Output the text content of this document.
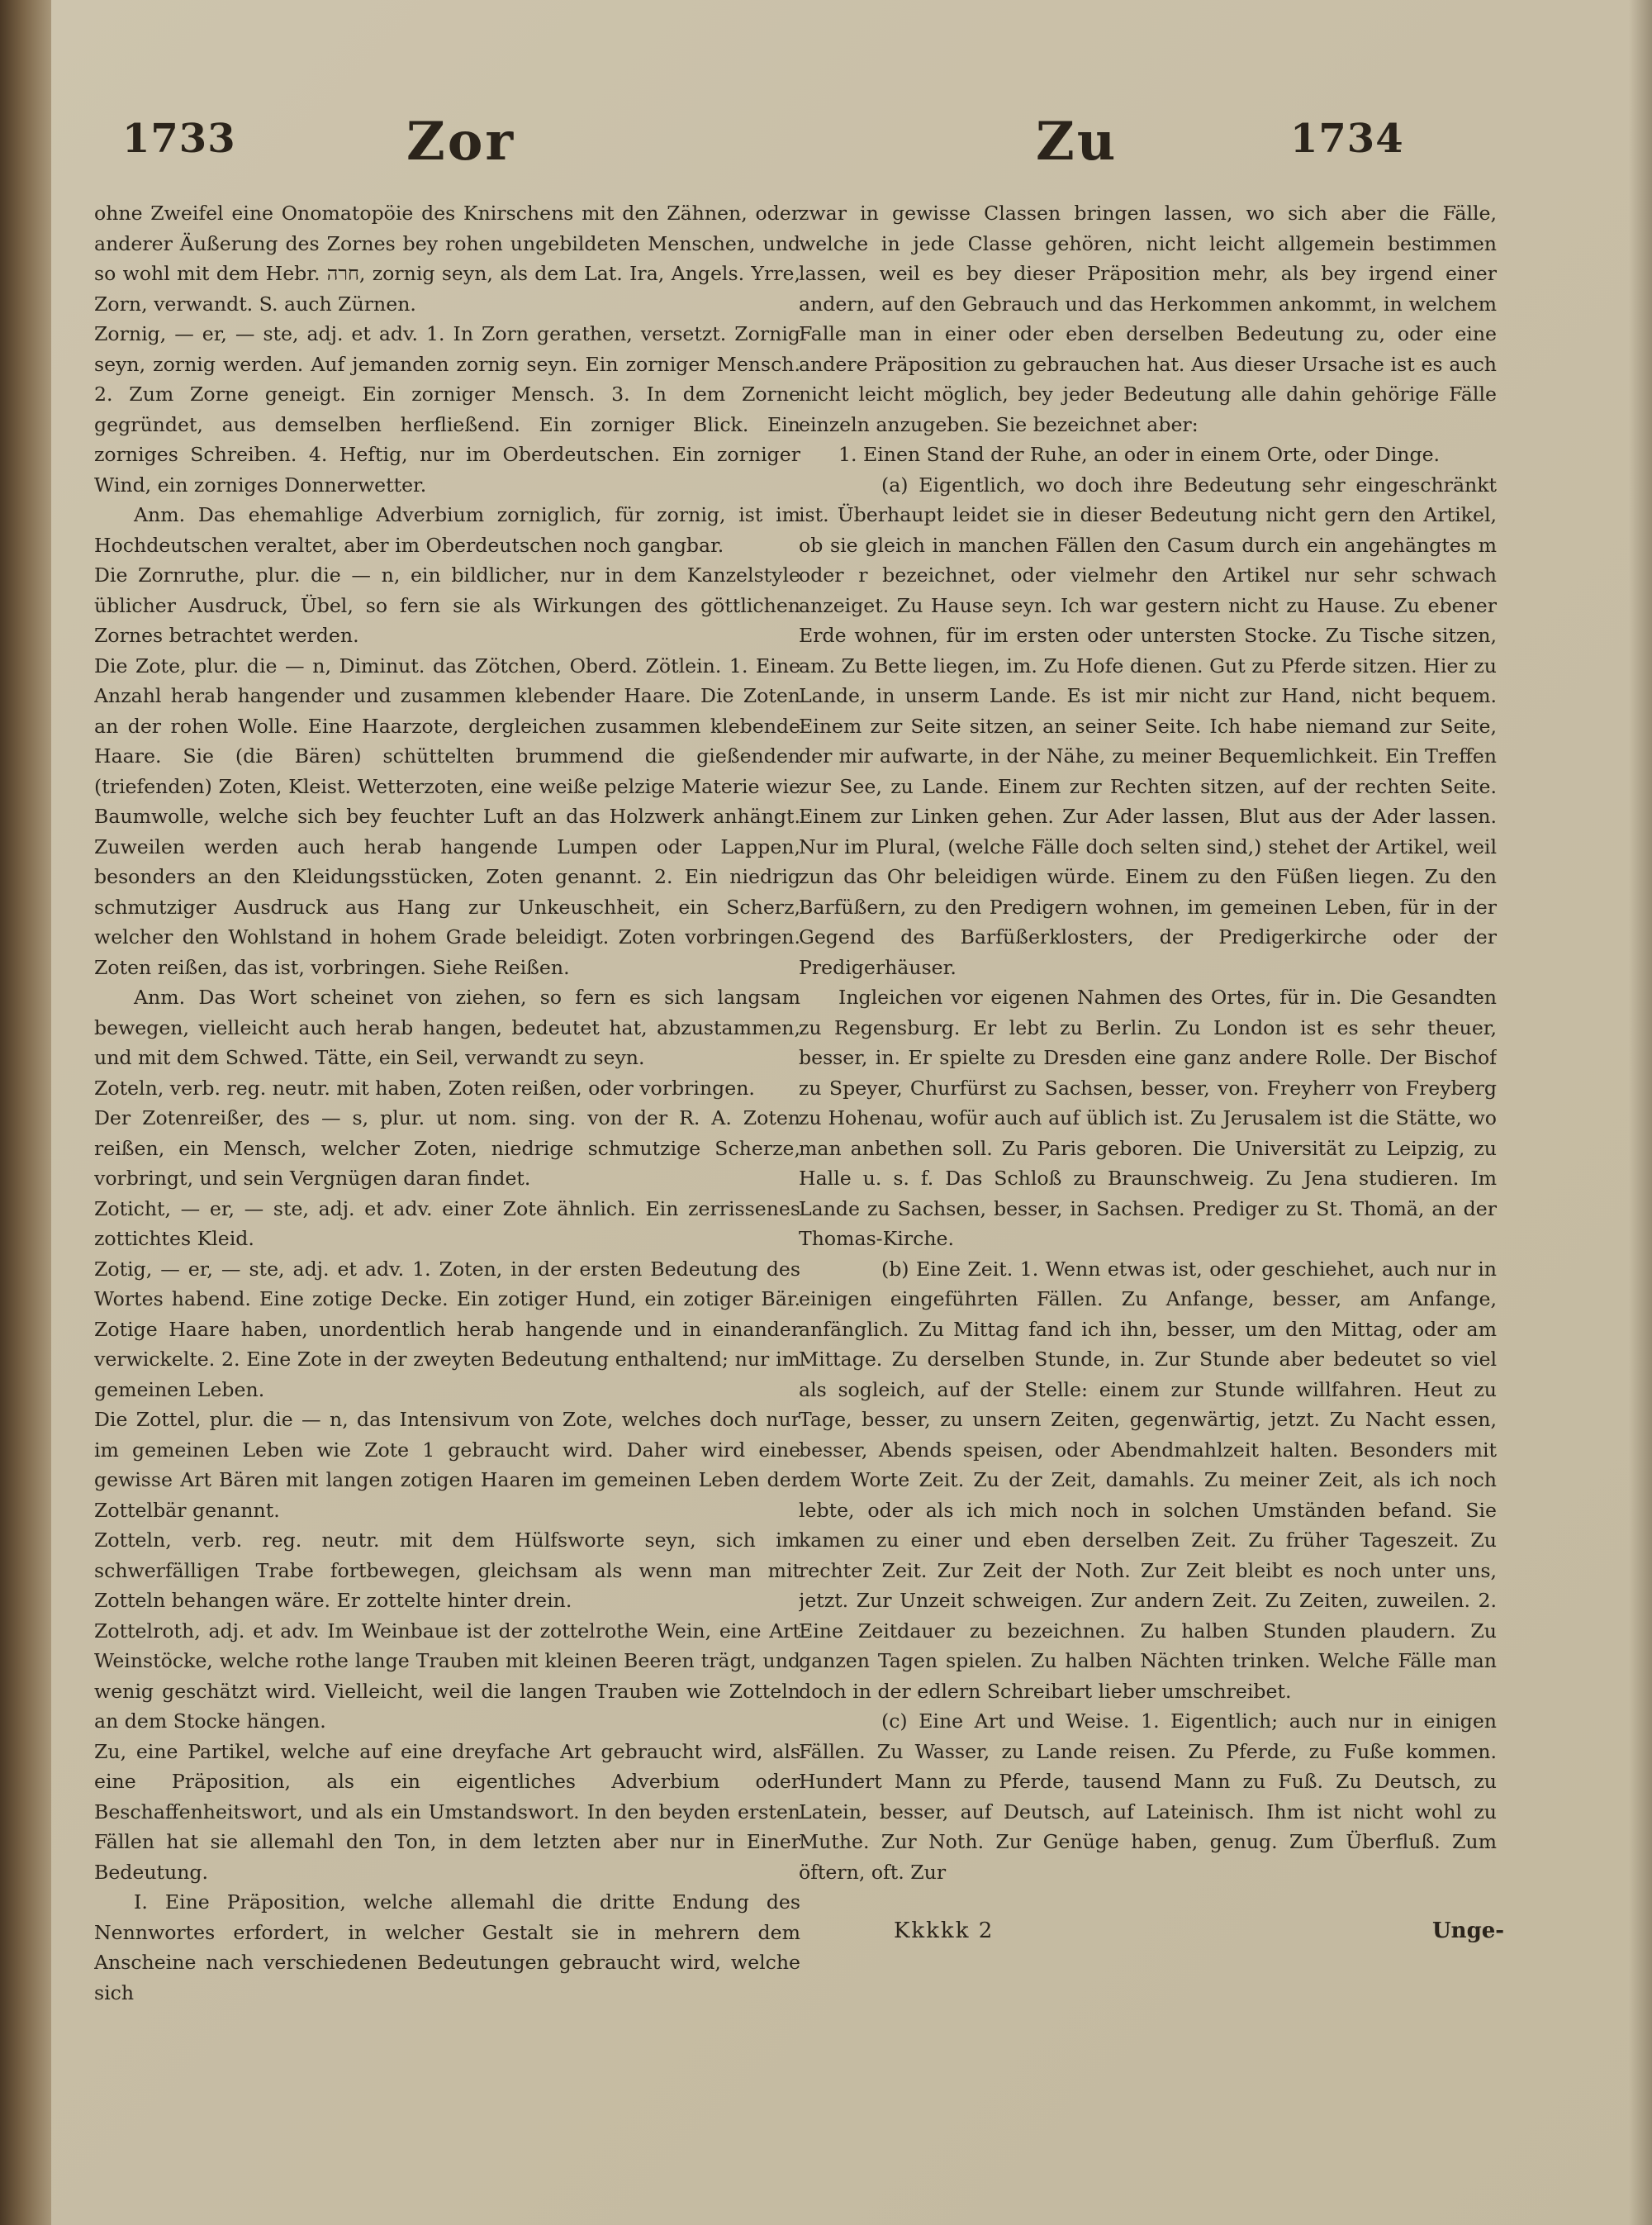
1733	Zor	Zu	1734

ohne Zweifel eine Onomatopöie des Knirschens mit den Zähnen, oder anderer Äußerung des Zornes bey rohen ungebildeten Menschen, und so wohl mit dem Hebr. חרה, zornig seyn, als dem Lat. Ira, Angels. Yrre, Zorn, verwandt. S. auch Zürnen.

Zornig, — er, — ste, adj. et adv. 1. In Zorn gerathen, versetzt. Zornig seyn, zornig werden. Auf jemanden zornig seyn. Ein zorniger Mensch. 2. Zum Zorne geneigt. Ein zorniger Mensch. 3. In dem Zorne gegründet, aus demselben herfließend. Ein zorniger Blick. Ein zorniges Schreiben. 4. Heftig, nur im Oberdeutschen. Ein zorniger Wind, ein zorniges Donnerwetter.

Anm. Das ehemahlige Adverbium zorniglich, für zornig, ist im Hochdeutschen veraltet, aber im Oberdeutschen noch gangbar.

Die Zornruthe, plur. die — n, ein bildlicher, nur in dem Kanzelstyle üblicher Ausdruck, Übel, so fern sie als Wirkungen des göttlichen Zornes betrachtet werden.

Die Zote, plur. die — n, Diminut. das Zötchen, Oberd. Zötlein. 1. Eine Anzahl herab hangender und zusammen klebender Haare. Die Zoten an der rohen Wolle. Eine Haarzote, dergleichen zusammen klebende Haare. Sie (die Bären) schüttelten brummend die gießenden (triefenden) Zoten, Kleist. Wetterzoten, eine weiße pelzige Materie wie Baumwolle, welche sich bey feuchter Luft an das Holzwerk anhängt. Zuweilen werden auch herab hangende Lumpen oder Lappen, besonders an den Kleidungsstücken, Zoten genannt. 2. Ein niedrig schmutziger Ausdruck aus Hang zur Unkeuschheit, ein Scherz, welcher den Wohlstand in hohem Grade beleidigt. Zoten vorbringen. Zoten reißen, das ist, vorbringen. Siehe Reißen.

Anm. Das Wort scheinet von ziehen, so fern es sich langsam bewegen, vielleicht auch herab hangen, bedeutet hat, abzustammen, und mit dem Schwed. Tätte, ein Seil, verwandt zu seyn.

Zoteln, verb. reg. neutr. mit haben, Zoten reißen, oder vorbringen.

Der Zotenreißer, des — s, plur. ut nom. sing. von der R. A. Zoten reißen, ein Mensch, welcher Zoten, niedrige schmutzige Scherze, vorbringt, und sein Vergnügen daran findet.

Zoticht, — er, — ste, adj. et adv. einer Zote ähnlich. Ein zerrissenes zottichtes Kleid.

Zotig, — er, — ste, adj. et adv. 1. Zoten, in der ersten Bedeutung des Wortes habend. Eine zotige Decke. Ein zotiger Hund, ein zotiger Bär. Zotige Haare haben, unordentlich herab hangende und in einander verwickelte. 2. Eine Zote in der zweyten Bedeutung enthaltend; nur im gemeinen Leben.

Die Zottel, plur. die — n, das Intensivum von Zote, welches doch nur im gemeinen Leben wie Zote 1 gebraucht wird. Daher wird eine gewisse Art Bären mit langen zotigen Haaren im gemeinen Leben der Zottelbär genannt.

Zotteln, verb. reg. neutr. mit dem Hülfsworte seyn, sich im schwerfälligen Trabe fortbewegen, gleichsam als wenn man mit Zotteln behangen wäre. Er zottelte hinter drein.

Zottelroth, adj. et adv. Im Weinbaue ist der zottelrothe Wein, eine Art Weinstöcke, welche rothe lange Trauben mit kleinen Beeren trägt, und wenig geschätzt wird. Vielleicht, weil die langen Trauben wie Zotteln an dem Stocke hängen.

Zu, eine Partikel, welche auf eine dreyfache Art gebraucht wird, als eine Präposition, als ein eigentliches Adverbium oder Beschaffenheitswort, und als ein Umstandswort. In den beyden ersten Fällen hat sie allemahl den Ton, in dem letzten aber nur in Einer Bedeutung.

I. Eine Präposition, welche allemahl die dritte Endung des Nennwortes erfordert, in welcher Gestalt sie in mehrern dem Anscheine nach verschiedenen Bedeutungen gebraucht wird, welche sich

zwar in gewisse Classen bringen lassen, wo sich aber die Fälle, welche in jede Classe gehören, nicht leicht allgemein bestimmen lassen, weil es bey dieser Präposition mehr, als bey irgend einer andern, auf den Gebrauch und das Herkommen ankommt, in welchem Falle man in einer oder eben derselben Bedeutung zu, oder eine andere Präposition zu gebrauchen hat. Aus dieser Ursache ist es auch nicht leicht möglich, bey jeder Bedeutung alle dahin gehörige Fälle einzeln anzugeben. Sie bezeichnet aber:

1. Einen Stand der Ruhe, an oder in einem Orte, oder Dinge.

(a) Eigentlich, wo doch ihre Bedeutung sehr eingeschränkt ist. Überhaupt leidet sie in dieser Bedeutung nicht gern den Artikel, ob sie gleich in manchen Fällen den Casum durch ein angehängtes m oder r bezeichnet, oder vielmehr den Artikel nur sehr schwach anzeiget. Zu Hause seyn. Ich war gestern nicht zu Hause. Zu ebener Erde wohnen, für im ersten oder untersten Stocke. Zu Tische sitzen, am. Zu Bette liegen, im. Zu Hofe dienen. Gut zu Pferde sitzen. Hier zu Lande, in unserm Lande. Es ist mir nicht zur Hand, nicht bequem. Einem zur Seite sitzen, an seiner Seite. Ich habe niemand zur Seite, der mir aufwarte, in der Nähe, zu meiner Bequemlichkeit. Ein Treffen zur See, zu Lande. Einem zur Rechten sitzen, auf der rechten Seite. Einem zur Linken gehen. Zur Ader lassen, Blut aus der Ader lassen. Nur im Plural, (welche Fälle doch selten sind,) stehet der Artikel, weil zun das Ohr beleidigen würde. Einem zu den Füßen liegen. Zu den Barfüßern, zu den Predigern wohnen, im gemeinen Leben, für in der Gegend des Barfüßerklosters, der Predigerkirche oder der Predigerhäuser.

Ingleichen vor eigenen Nahmen des Ortes, für in. Die Gesandten zu Regensburg. Er lebt zu Berlin. Zu London ist es sehr theuer, besser, in. Er spielte zu Dresden eine ganz andere Rolle. Der Bischof zu Speyer, Churfürst zu Sachsen, besser, von. Freyherr von Freyberg zu Hohenau, wofür auch auf üblich ist. Zu Jerusalem ist die Stätte, wo man anbethen soll. Zu Paris geboren. Die Universität zu Leipzig, zu Halle u. s. f. Das Schloß zu Braunschweig. Zu Jena studieren. Im Lande zu Sachsen, besser, in Sachsen. Prediger zu St. Thomä, an der Thomas-Kirche.

(b) Eine Zeit. 1. Wenn etwas ist, oder geschiehet, auch nur in einigen eingeführten Fällen. Zu Anfange, besser, am Anfange, anfänglich. Zu Mittag fand ich ihn, besser, um den Mittag, oder am Mittage. Zu derselben Stunde, in. Zur Stunde aber bedeutet so viel als sogleich, auf der Stelle: einem zur Stunde willfahren. Heut zu Tage, besser, zu unsern Zeiten, gegenwärtig, jetzt. Zu Nacht essen, besser, Abends speisen, oder Abendmahlzeit halten. Besonders mit dem Worte Zeit. Zu der Zeit, damahls. Zu meiner Zeit, als ich noch lebte, oder als ich mich noch in solchen Umständen befand. Sie kamen zu einer und eben derselben Zeit. Zu früher Tageszeit. Zu rechter Zeit. Zur Zeit der Noth. Zur Zeit bleibt es noch unter uns, jetzt. Zur Unzeit schweigen. Zur andern Zeit. Zu Zeiten, zuweilen. 2. Eine Zeitdauer zu bezeichnen. Zu halben Stunden plaudern. Zu ganzen Tagen spielen. Zu halben Nächten trinken. Welche Fälle man doch in der edlern Schreibart lieber umschreibet.

(c) Eine Art und Weise. 1. Eigentlich; auch nur in einigen Fällen. Zu Wasser, zu Lande reisen. Zu Pferde, zu Fuße kommen. Hundert Mann zu Pferde, tausend Mann zu Fuß. Zu Deutsch, zu Latein, besser, auf Deutsch, auf Lateinisch. Ihm ist nicht wohl zu Muthe. Zur Noth. Zur Genüge haben, genug. Zum Überfluß. Zum öftern, oft. Zur

Kkkkk 2	Unge-
